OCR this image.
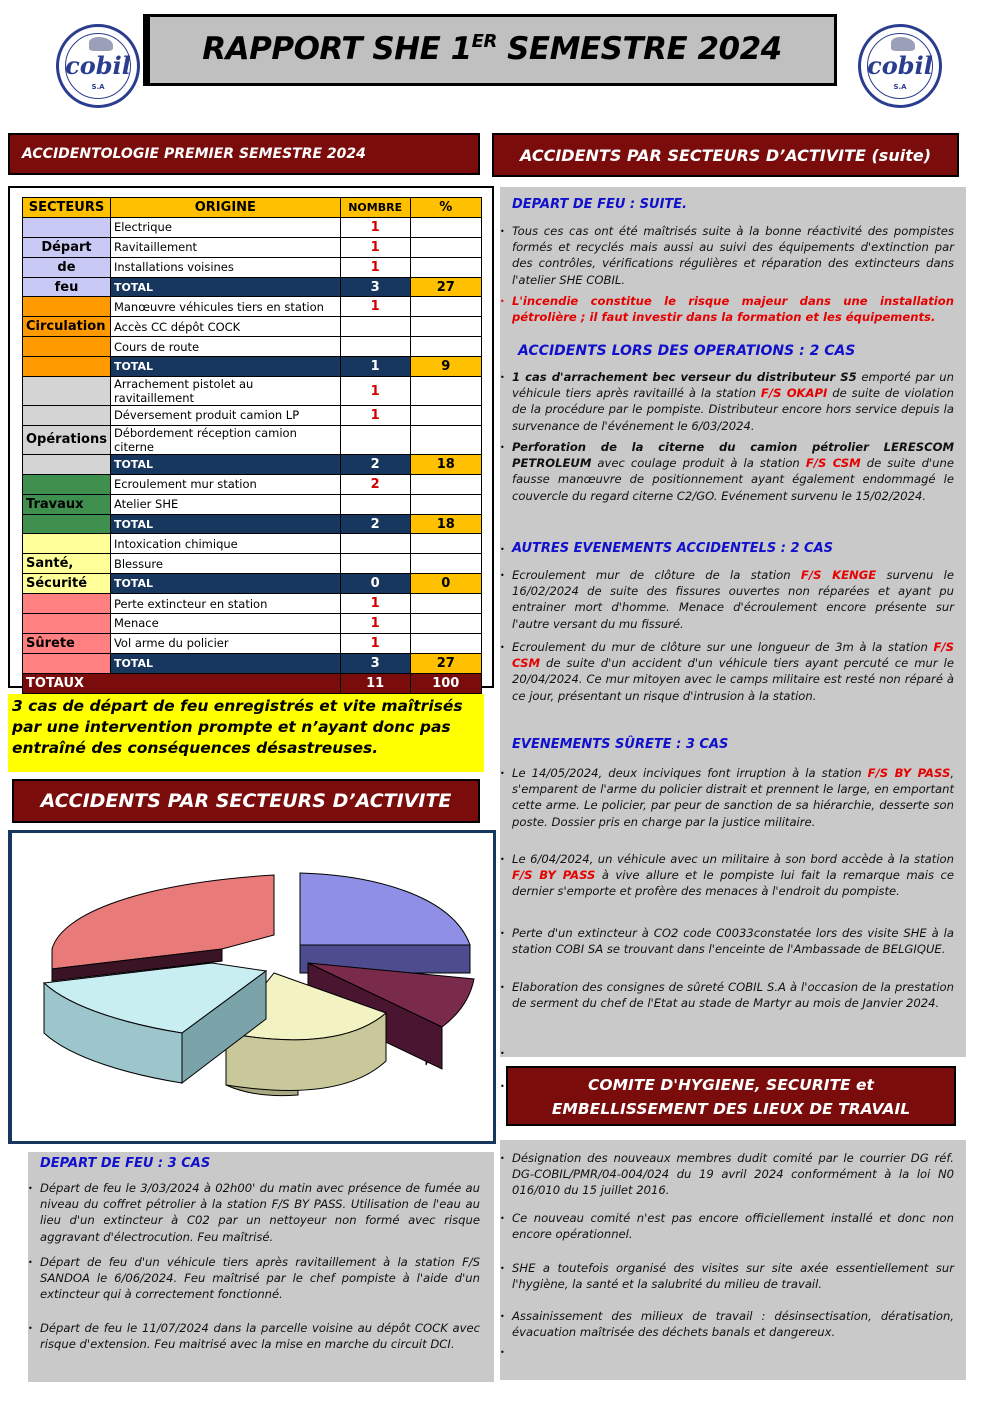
cobil
S.A
RAPPORT SHE 1ER SEMESTRE 2024	cobil
S.A
ACCIDENTOLOGIE PREMIER SEMESTRE 2024
SECTEURS	ORIGINE	NOMBRE	%
	Electrique	1	
Départ	Ravitaillement	1	
de	Installations voisines	1	
feu	TOTAL	3	27
	Manœuvre véhicules tiers en station	1	
Circulation	Accès CC dépôt COCK		
	Cours de route		
	TOTAL	1	9
	Arrachement pistolet au ravitaillement	1	
	Déversement produit camion LP	1	
Opérations	Débordement réception camion citerne		
	TOTAL	2	18
	Ecroulement mur station	2	
Travaux	Atelier SHE		
	TOTAL	2	18
	Intoxication chimique		
Santé,	Blessure		
Sécurité	TOTAL	0	0
	Perte extincteur en station	1	
	Menace	1	
Sûrete	Vol arme du policier	1	
	TOTAL	3	27
TOTAUX		11	100
3 cas de départ de feu enregistrés et vite maîtrisés par une intervention prompte et n’ayant donc pas entraîné des conséquences désastreuses.
ACCIDENTS PAR SECTEURS D’ACTIVITE
DEPART DE FEU : 3 CAS
• Départ de feu le 3/03/2024 à 02h00' du matin avec présence de fumée au niveau du coffret pétrolier à la station F/S BY PASS. Utilisation de l'eau au lieu d'un extincteur à C02 par un nettoyeur non formé avec risque aggravant d'électrocution. Feu maîtrisé.
• Départ de feu d'un véhicule tiers après ravitaillement à la station F/S SANDOA le 6/06/2024. Feu maîtrisé par le chef pompiste à l'aide d'un extincteur qui à correctement fonctionné.
• Départ de feu le 11/07/2024 dans la parcelle voisine au dépôt COCK avec risque d'extension. Feu maitrisé avec la mise en marche du circuit DCI.
ACCIDENTS PAR SECTEURS D’ACTIVITE (suite)
DEPART DE FEU : SUITE.
• Tous ces cas ont été maîtrisés suite à la bonne réactivité des pompistes formés et recyclés mais aussi au suivi des équipements d'extinction par des contrôles, vérifications régulières et réparation des extincteurs dans l'atelier SHE COBIL.
• L'incendie constitue le risque majeur dans une installation pétrolière ; il faut investir dans la formation et les équipements.
ACCIDENTS LORS DES OPERATIONS : 2 CAS
• 1 cas d'arrachement bec verseur du distributeur S5 emporté par un véhicule tiers après ravitaillé à la station F/S OKAPI de suite de violation de la procédure par le pompiste. Distributeur encore hors service depuis la survenance de l'événement le 6/03/2024.
• Perforation de la citerne du camion pétrolier LERESCOM PETROLEUM avec coulage produit à la station F/S CSM de suite d'une fausse manœuvre de positionnement ayant également endommagé le couvercle du regard citerne C2/GO. Evénement survenu le 15/02/2024.
• AUTRES EVENEMENTS ACCIDENTELS : 2 CAS
• Ecroulement mur de clôture de la station F/S KENGE survenu le 16/02/2024 de suite des fissures ouvertes non réparées et ayant pu entrainer mort d'homme. Menace d'écroulement encore présente sur l'autre versant du mu fissuré.
• Ecroulement du mur de clôture sur une longueur de 3m à la station F/S CSM de suite d'un accident d'un véhicule tiers ayant percuté ce mur le 20/04/2024. Ce mur mitoyen avec le camps militaire est resté non réparé à ce jour, présentant un risque d'intrusion à la station.
EVENEMENTS SÛRETE : 3 CAS
• Le 14/05/2024, deux inciviques font irruption à la station F/S BY PASS, s'emparent de l'arme du policier distrait et prennent le large, en emportant cette arme. Le policier, par peur de sanction de sa hiérarchie, desserte son poste. Dossier pris en charge par la justice militaire.
• Le 6/04/2024, un véhicule avec un militaire à son bord accède à la station F/S BY PASS à vive allure et le pompiste lui fait la remarque mais ce dernier s'emporte et profère des menaces à l'endroit du pompiste.
• Perte d'un extincteur à CO2 code C0033constatée lors des visite SHE à la station COBI SA se trouvant dans l'enceinte de l'Ambassade de BELGIQUE.
• Elaboration des consignes de sûreté COBIL S.A à l'occasion de la prestation de serment du chef de l'Etat au stade de Martyr au mois de Janvier 2024.
•
•	COMITE D'HYGIENE, SECURITE et
EMBELLISSEMENT DES LIEUX DE TRAVAIL
• Désignation des nouveaux membres dudit comité par le courrier DG réf. DG-COBIL/PMR/04-004/024 du 19 avril 2024 conformément à la loi N0 016/010 du 15 juillet 2016.
• Ce nouveau comité n'est pas encore officiellement installé et donc non encore opérationnel.
• SHE a toutefois organisé des visites sur site axée essentiellement sur l'hygiène, la santé et la salubrité du milieu de travail.
• Assainissement des milieux de travail : désinsectisation, dératisation, évacuation maîtrisée des déchets banals et dangereux.
•
